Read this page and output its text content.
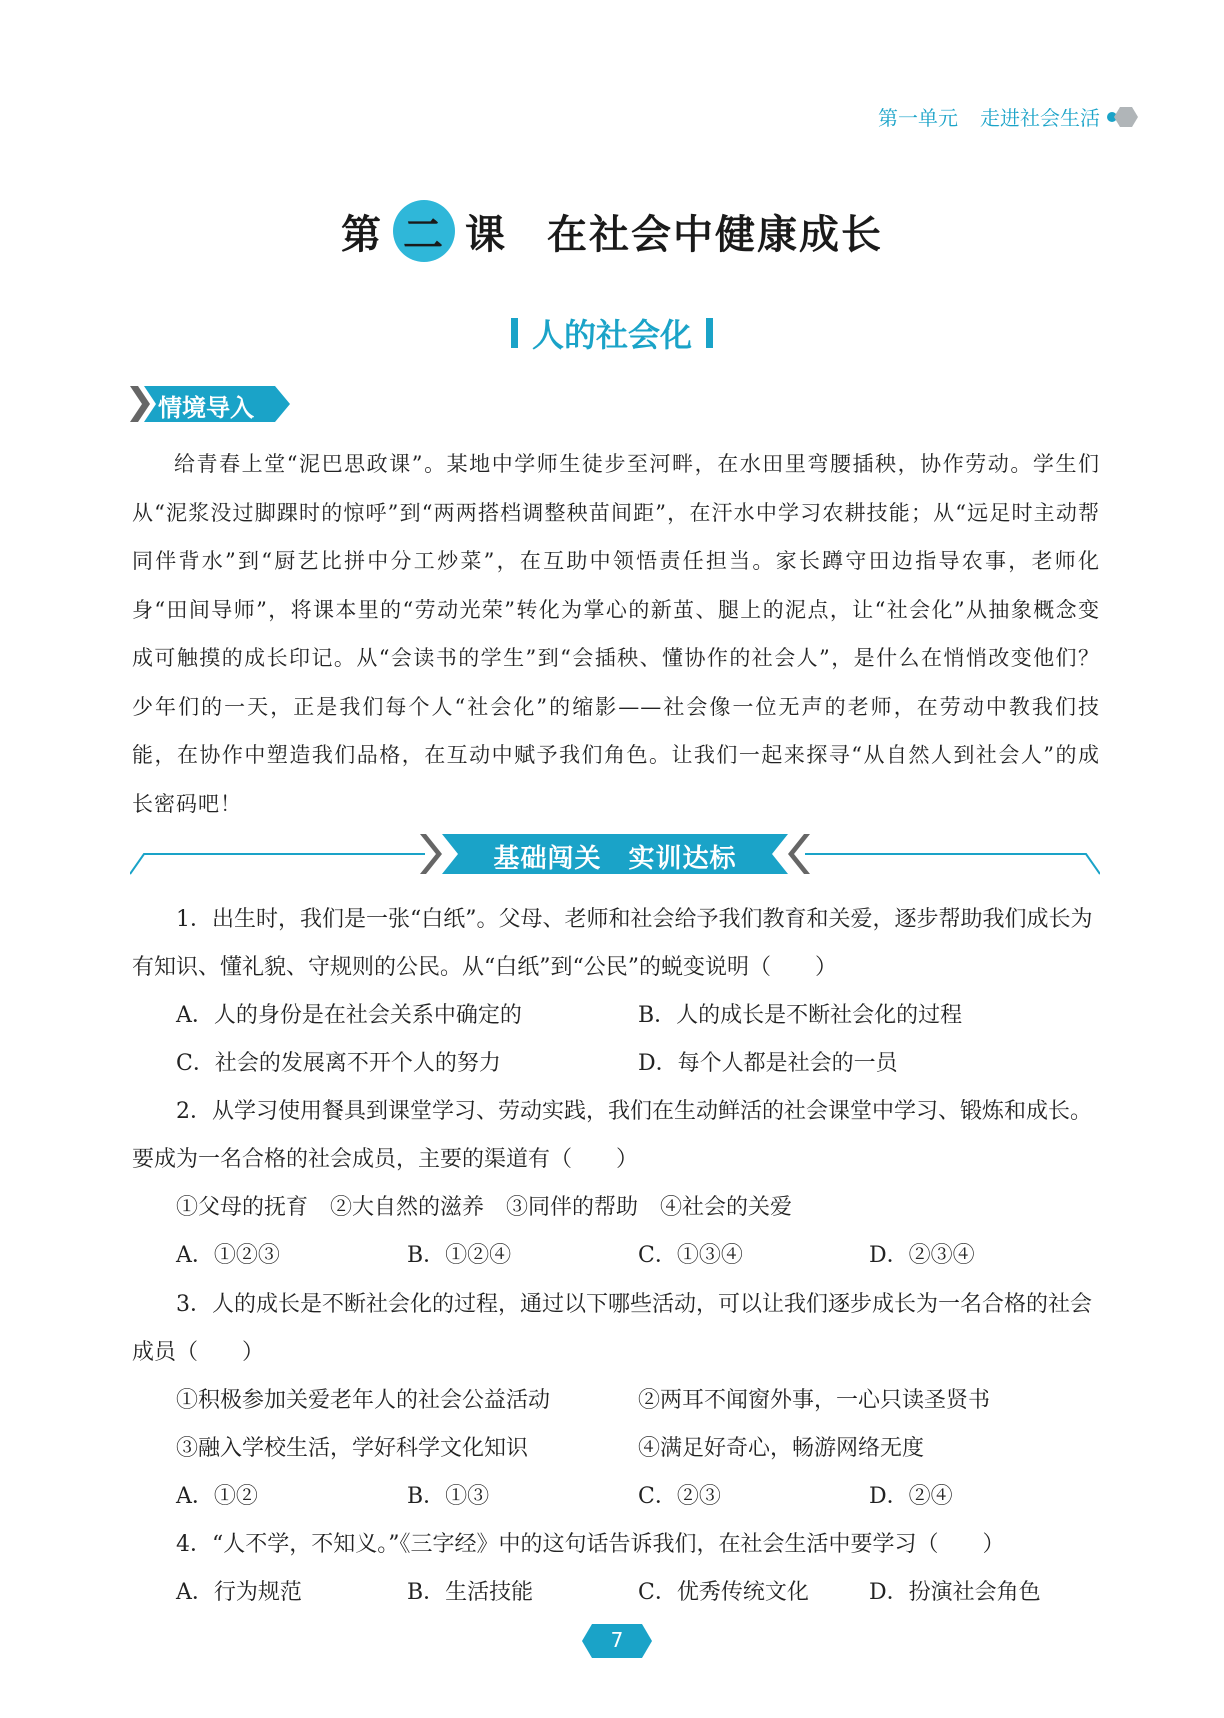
第一单元 走进社会生活
第 二 课 在社会中健康成长
人的社会化
情境导入
给青春上堂“泥巴思政课”。某地中学师生徒步至河畔，在水田里弯腰插秧，协作劳动。学生们从“泥浆没过脚踝时的惊呼”到“两两搭档调整秧苗间距”，在汗水中学习农耕技能；从“远足时主动帮同伴背水”到“厨艺比拼中分工炒菜”，在互助中领悟责任担当。家长蹲守田边指导农事，老师化身“田间导师”，将课本里的“劳动光荣”转化为掌心的新茧、腿上的泥点，让“社会化”从抽象概念变成可触摸的成长印记。从“会读书的学生”到“会插秧、懂协作的社会人”，是什么在悄悄改变他们？少年们的一天，正是我们每个人“社会化”的缩影——社会像一位无声的老师，在劳动中教我们技能，在协作中塑造我们品格，在互动中赋予我们角色。让我们一起来探寻“从自然人到社会人”的成长密码吧！
基础闯关　实训达标

1．出生时，我们是一张“白纸”。父母、老师和社会给予我们教育和关爱，逐步帮助我们成长为有知识、懂礼貌、守规则的公民。从“白纸”到“公民”的蜕变说明（　　）

A．人的身份是在社会关系中确定的	B．人的成长是不断社会化的过程
C．社会的发展离不开个人的努力	D．每个人都是社会的一员

2．从学习使用餐具到课堂学习、劳动实践，我们在生动鲜活的社会课堂中学习、锻炼和成长。要成为一名合格的社会成员，主要的渠道有（　　）

①父母的抚育　②大自然的滋养　③同伴的帮助　④社会的关爱

A．①②③	B．①②④	C．①③④	D．②③④

3．人的成长是不断社会化的过程，通过以下哪些活动，可以让我们逐步成长为一名合格的社会成员（　　）

①积极参加关爱老年人的社会公益活动	②两耳不闻窗外事，一心只读圣贤书
③融入学校生活，学好科学文化知识	④满足好奇心，畅游网络无度
A．①②	B．①③	C．②③	D．②④

4．“人不学，不知义。”《三字经》中的这句话告诉我们，在社会生活中要学习（　　）

A．行为规范	B．生活技能	C．优秀传统文化	D．扮演社会角色
7
